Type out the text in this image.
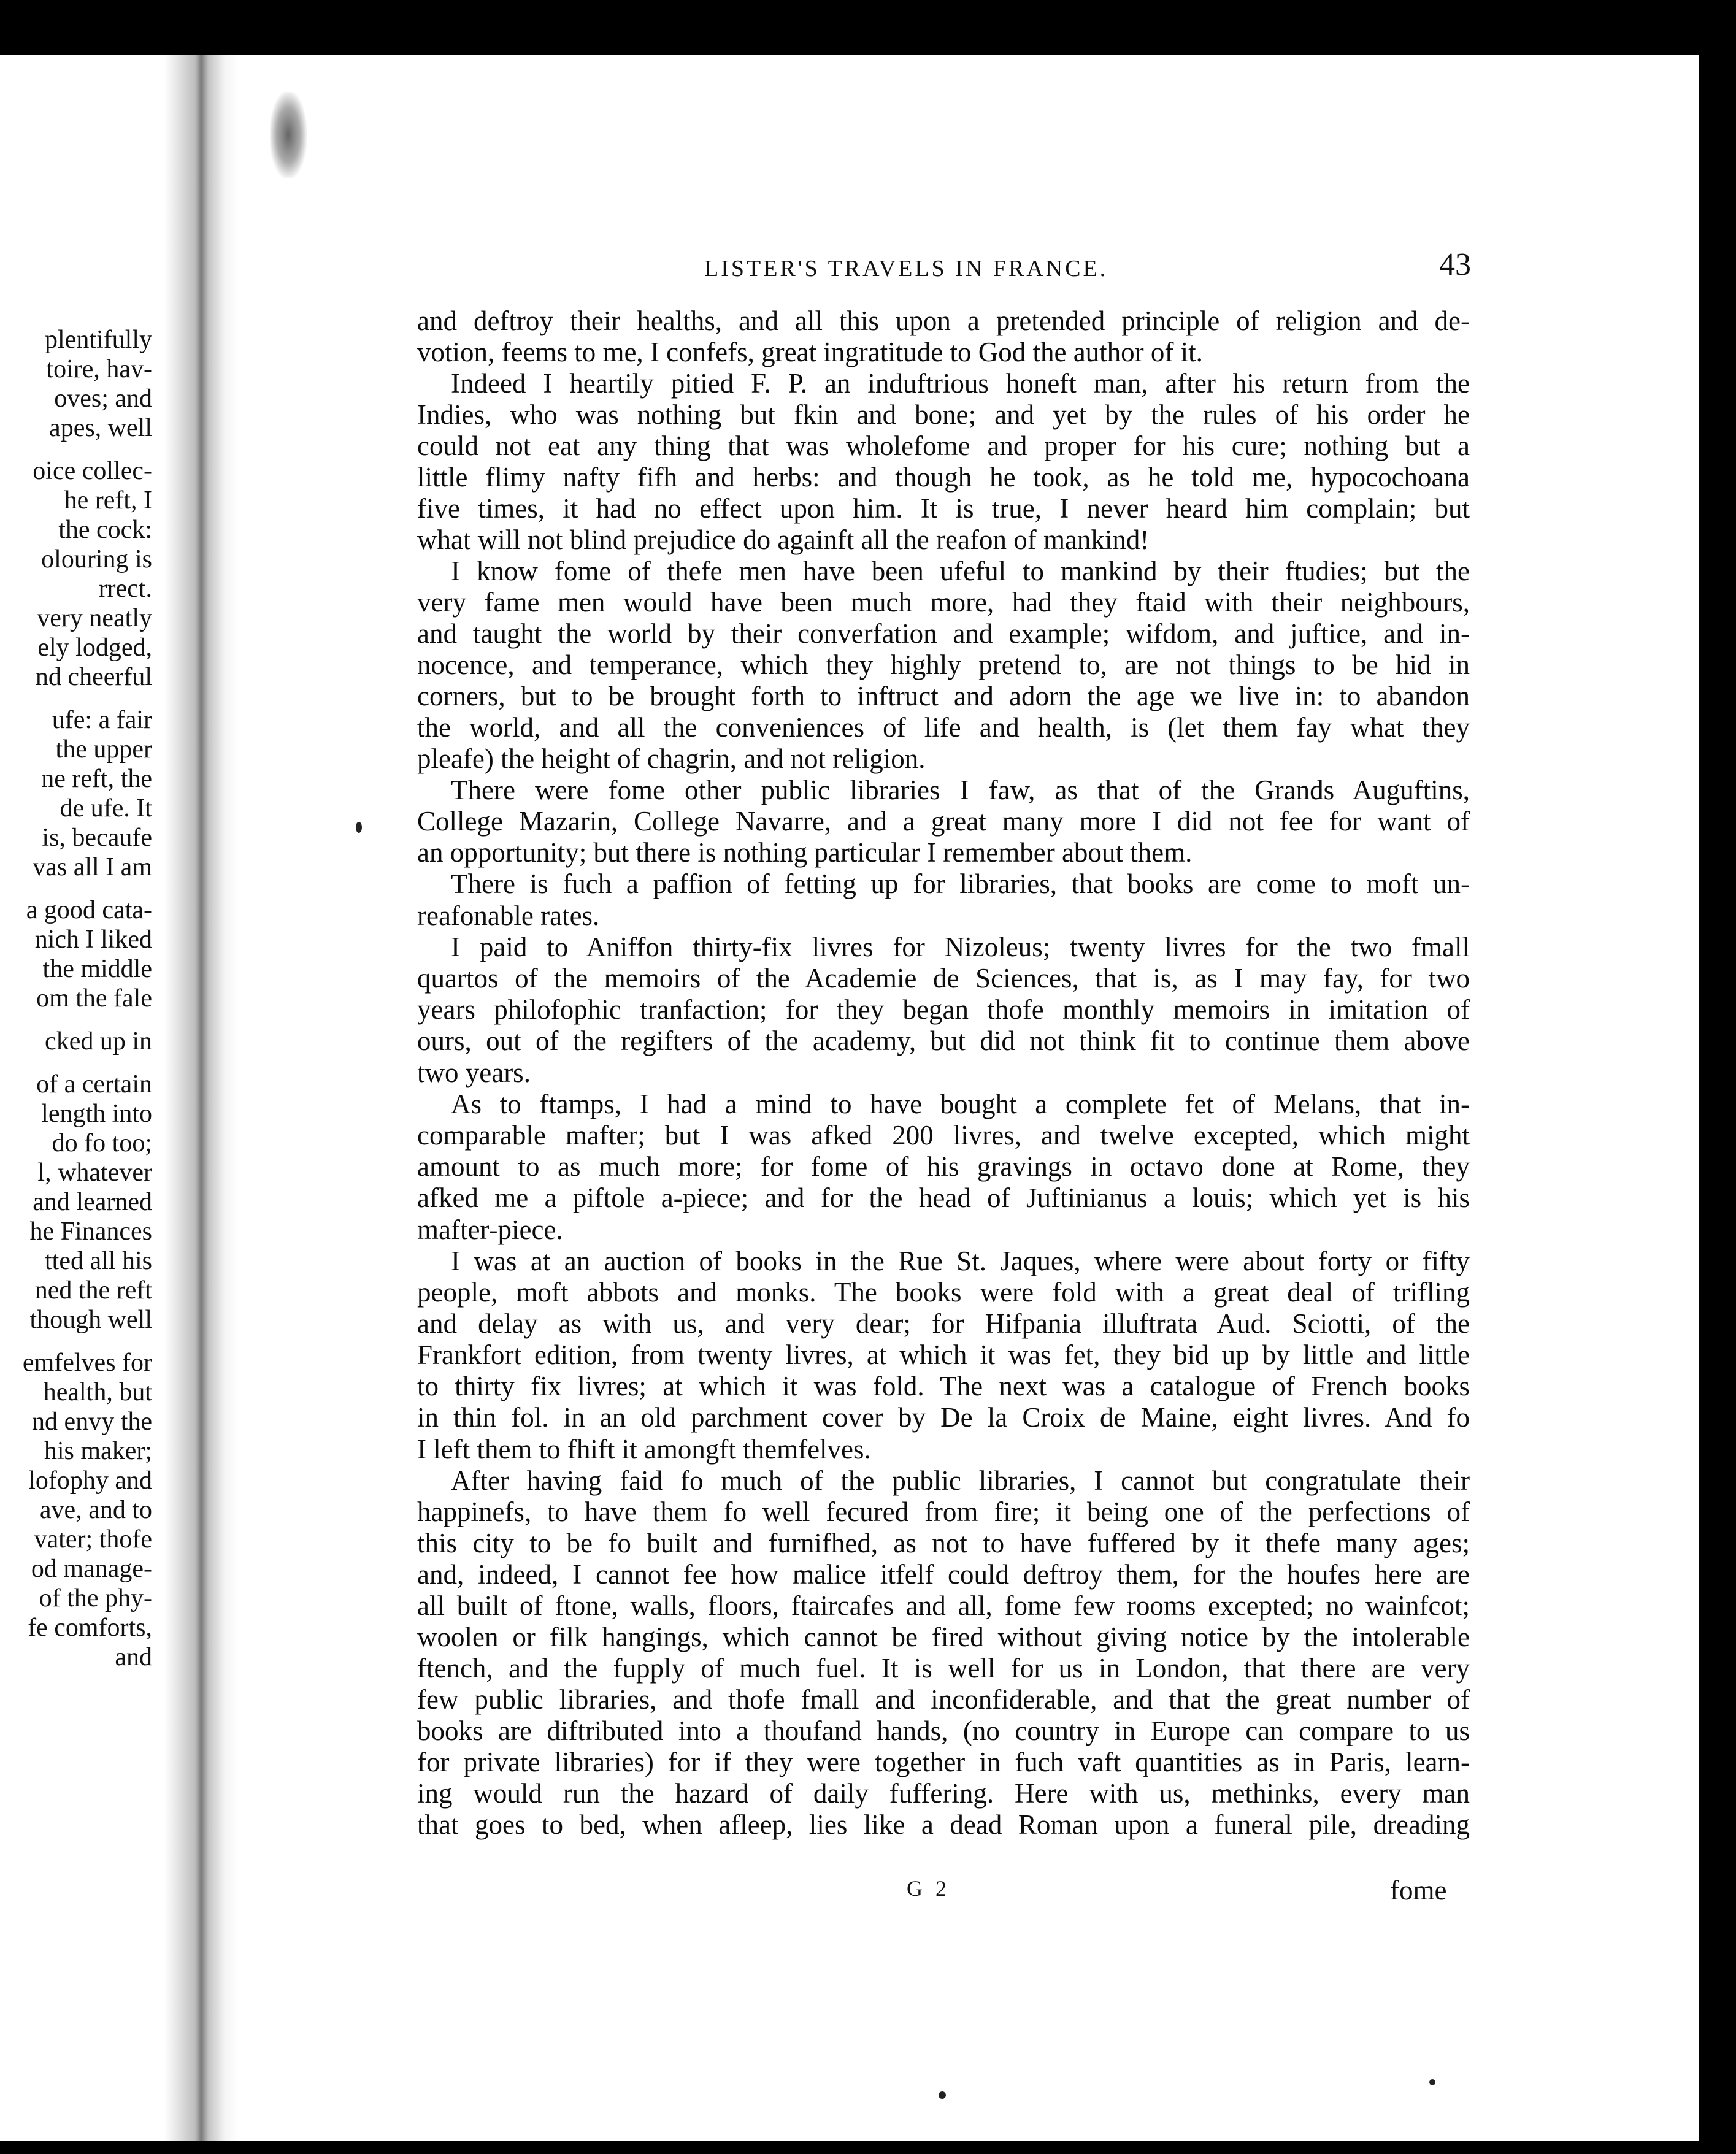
plentifully
toire, hav-
oves; and
apes, well
oice collec-
he reft, I
the cock:
olouring is
rrect.
very neatly
ely lodged,
nd cheerful
ufe: a fair
the upper
ne reft, the
de ufe. It
is, becaufe
vas all I am
a good cata-
nich I liked
the middle
om the fale
cked up in
of a certain
length into
do fo too;
l, whatever
and learned
he Finances
tted all his
ned the reft
though well
emfelves for
health, but
nd envy the
his maker;
lofophy and
ave, and to
vater; thofe
od manage-
of the phy-
fe comforts,
and
LISTER'S TRAVELS IN FRANCE.	43
and deftroy their healths, and all this upon a pretended principle of religion and de-
votion, feems to me, I confefs, great ingratitude to God the author of it.
Indeed I heartily pitied F. P. an induftrious honeft man, after his return from the
Indies, who was nothing but fkin and bone; and yet by the rules of his order he
could not eat any thing that was wholefome and proper for his cure; nothing but a
little flimy nafty fifh and herbs: and though he took, as he told me, hypocochoana
five times, it had no effect upon him. It is true, I never heard him complain; but
what will not blind prejudice do againft all the reafon of mankind!
I know fome of thefe men have been ufeful to mankind by their ftudies; but the
very fame men would have been much more, had they ftaid with their neighbours,
and taught the world by their converfation and example; wifdom, and juftice, and in-
nocence, and temperance, which they highly pretend to, are not things to be hid in
corners, but to be brought forth to inftruct and adorn the age we live in: to abandon
the world, and all the conveniences of life and health, is (let them fay what they
pleafe) the height of chagrin, and not religion.
There were fome other public libraries I faw, as that of the Grands Auguftins,
College Mazarin, College Navarre, and a great many more I did not fee for want of
an opportunity; but there is nothing particular I remember about them.
There is fuch a paffion of fetting up for libraries, that books are come to moft un-
reafonable rates.
I paid to Aniffon thirty-fix livres for Nizoleus; twenty livres for the two fmall
quartos of the memoirs of the Academie de Sciences, that is, as I may fay, for two
years philofophic tranfaction; for they began thofe monthly memoirs in imitation of
ours, out of the regifters of the academy, but did not think fit to continue them above
two years.
As to ftamps, I had a mind to have bought a complete fet of Melans, that in-
comparable mafter; but I was afked 200 livres, and twelve excepted, which might
amount to as much more; for fome of his gravings in octavo done at Rome, they
afked me a piftole a-piece; and for the head of Juftinianus a louis; which yet is his
mafter-piece.
I was at an auction of books in the Rue St. Jaques, where were about forty or fifty
people, moft abbots and monks. The books were fold with a great deal of trifling
and delay as with us, and very dear; for Hifpania illuftrata Aud. Sciotti, of the
Frankfort edition, from twenty livres, at which it was fet, they bid up by little and little
to thirty fix livres; at which it was fold. The next was a catalogue of French books
in thin fol. in an old parchment cover by De la Croix de Maine, eight livres. And fo
I left them to fhift it amongft themfelves.
After having faid fo much of the public libraries, I cannot but congratulate their
happinefs, to have them fo well fecured from fire; it being one of the perfections of
this city to be fo built and furnifhed, as not to have fuffered by it thefe many ages;
and, indeed, I cannot fee how malice itfelf could deftroy them, for the houfes here are
all built of ftone, walls, floors, ftaircafes and all, fome few rooms excepted; no wainfcot;
woolen or filk hangings, which cannot be fired without giving notice by the intolerable
ftench, and the fupply of much fuel. It is well for us in London, that there are very
few public libraries, and thofe fmall and inconfiderable, and that the great number of
books are diftributed into a thoufand hands, (no country in Europe can compare to us
for private libraries) for if they were together in fuch vaft quantities as in Paris, learn-
ing would run the hazard of daily fuffering. Here with us, methinks, every man
that goes to bed, when afleep, lies like a dead Roman upon a funeral pile, dreading
G 2	fome
